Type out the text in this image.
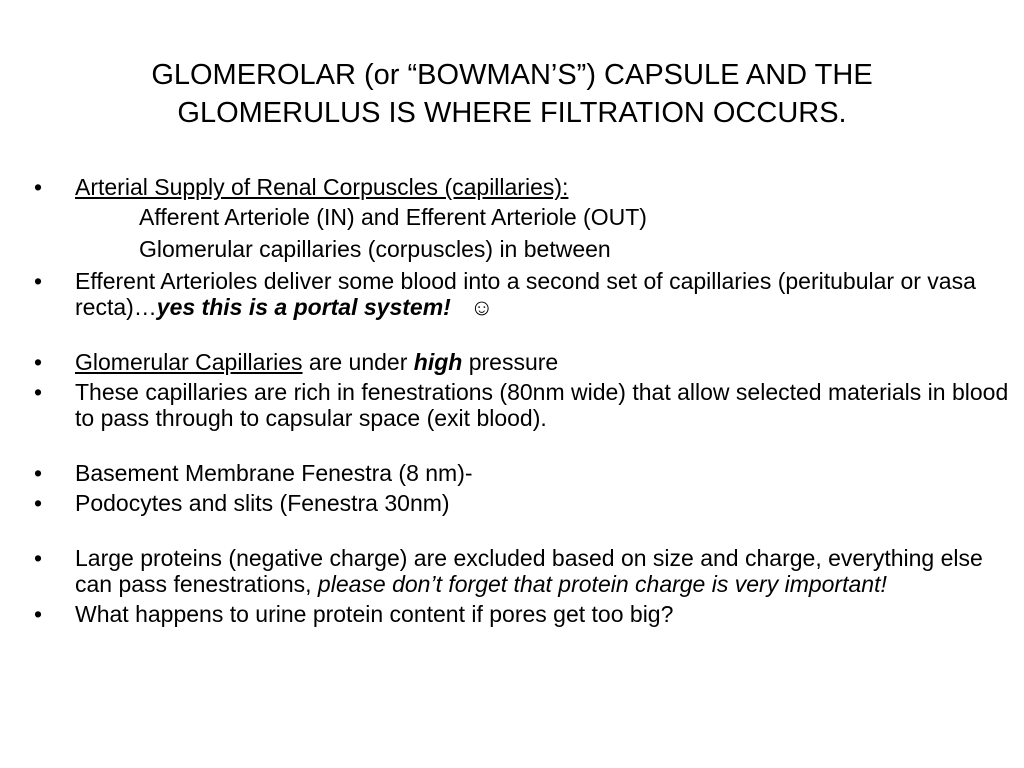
GLOMEROLAR (or “BOWMAN’S”) CAPSULE AND THE
GLOMERULUS IS WHERE FILTRATION OCCURS.
• Arterial Supply of Renal Corpuscles (capillaries):
Afferent Arteriole (IN) and Efferent Arteriole (OUT)
Glomerular capillaries (corpuscles) in between
• Efferent Arterioles deliver some blood into a second set of capillaries (peritubular or vasa recta)…yes this is a portal system! ☺
• Glomerular Capillaries are under high pressure
• These capillaries are rich in fenestrations (80nm wide) that allow selected materials in blood to pass through to capsular space (exit blood).
• Basement Membrane Fenestra (8 nm)-
• Podocytes and slits (Fenestra 30nm)
• Large proteins (negative charge) are excluded based on size and charge, everything else can pass fenestrations, please don’t forget that protein charge is very important!
• What happens to urine protein content if pores get too big?
